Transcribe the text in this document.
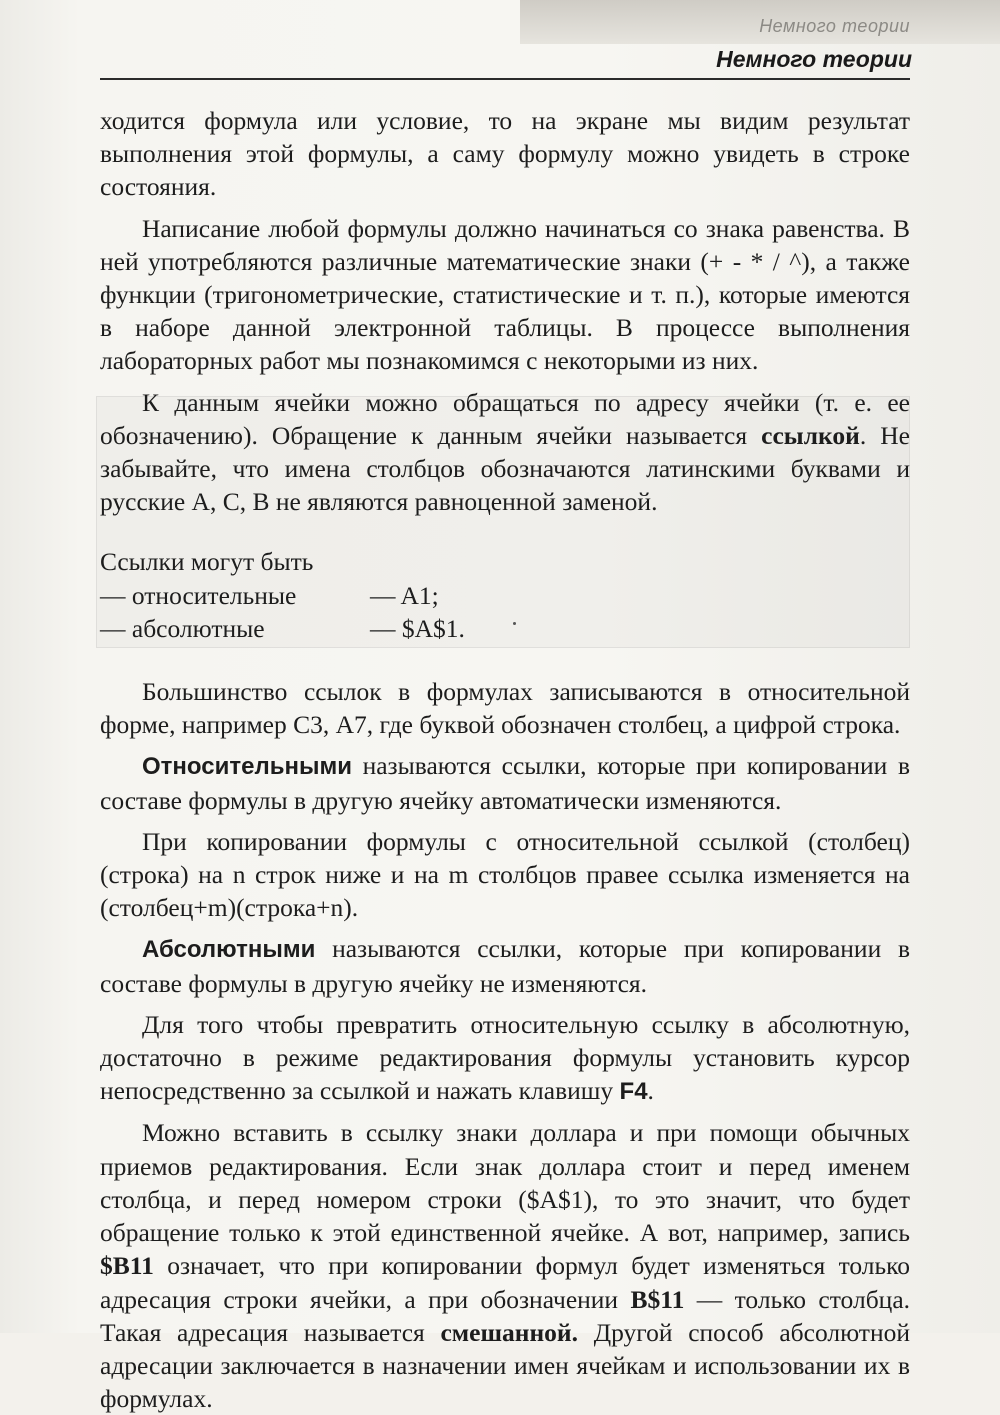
Немного теории
Немного теории

ходится формула или условие, то на экране мы видим результат выполнения этой формулы, а саму формулу можно увидеть в строке состояния.

Написание любой формулы должно начинаться со знака равенства. В ней употребляются различные математические знаки (+ - * / ^), а также функции (тригонометрические, статистические и т. п.), которые имеются в наборе данной электронной таблицы. В процессе выполнения лабораторных работ мы познакомимся с некоторыми из них.

К данным ячейки можно обращаться по адресу ячейки (т. е. ее обозначению). Обращение к данным ячейки называется ссылкой. Не забывайте, что имена столбцов обозначаются латинскими буквами и русские А, С, В не являются равноценной заменой.

Ссылки могут быть
— относительные	— A1;
— абсолютные	— $A$1.

Большинство ссылок в формулах записываются в относительной форме, например С3, А7, где буквой обозначен столбец, а цифрой строка.

Относительными называются ссылки, которые при копировании в составе формулы в другую ячейку автоматически изменяются.

При копировании формулы с относительной ссылкой (столбец) (строка) на n строк ниже и на m столбцов правее ссылка изменяется на (столбец+m)(строка+n).

Абсолютными называются ссылки, которые при копировании в составе формулы в другую ячейку не изменяются.

Для того чтобы превратить относительную ссылку в абсолютную, достаточно в режиме редактирования формулы установить курсор непосредственно за ссылкой и нажать клавишу F4.

Можно вставить в ссылку знаки доллара и при помощи обычных приемов редактирования. Если знак доллара стоит и перед именем столбца, и перед номером строки ($A$1), то это значит, что будет обращение только к этой единственной ячейке. А вот, например, запись $B11 означает, что при копировании формул будет изменяться только адресация строки ячейки, а при обозначении B$11 — только столбца. Такая адресация называется смешанной. Другой способ абсолютной адресации заключается в назначении имен ячейкам и использовании их в формулах.
